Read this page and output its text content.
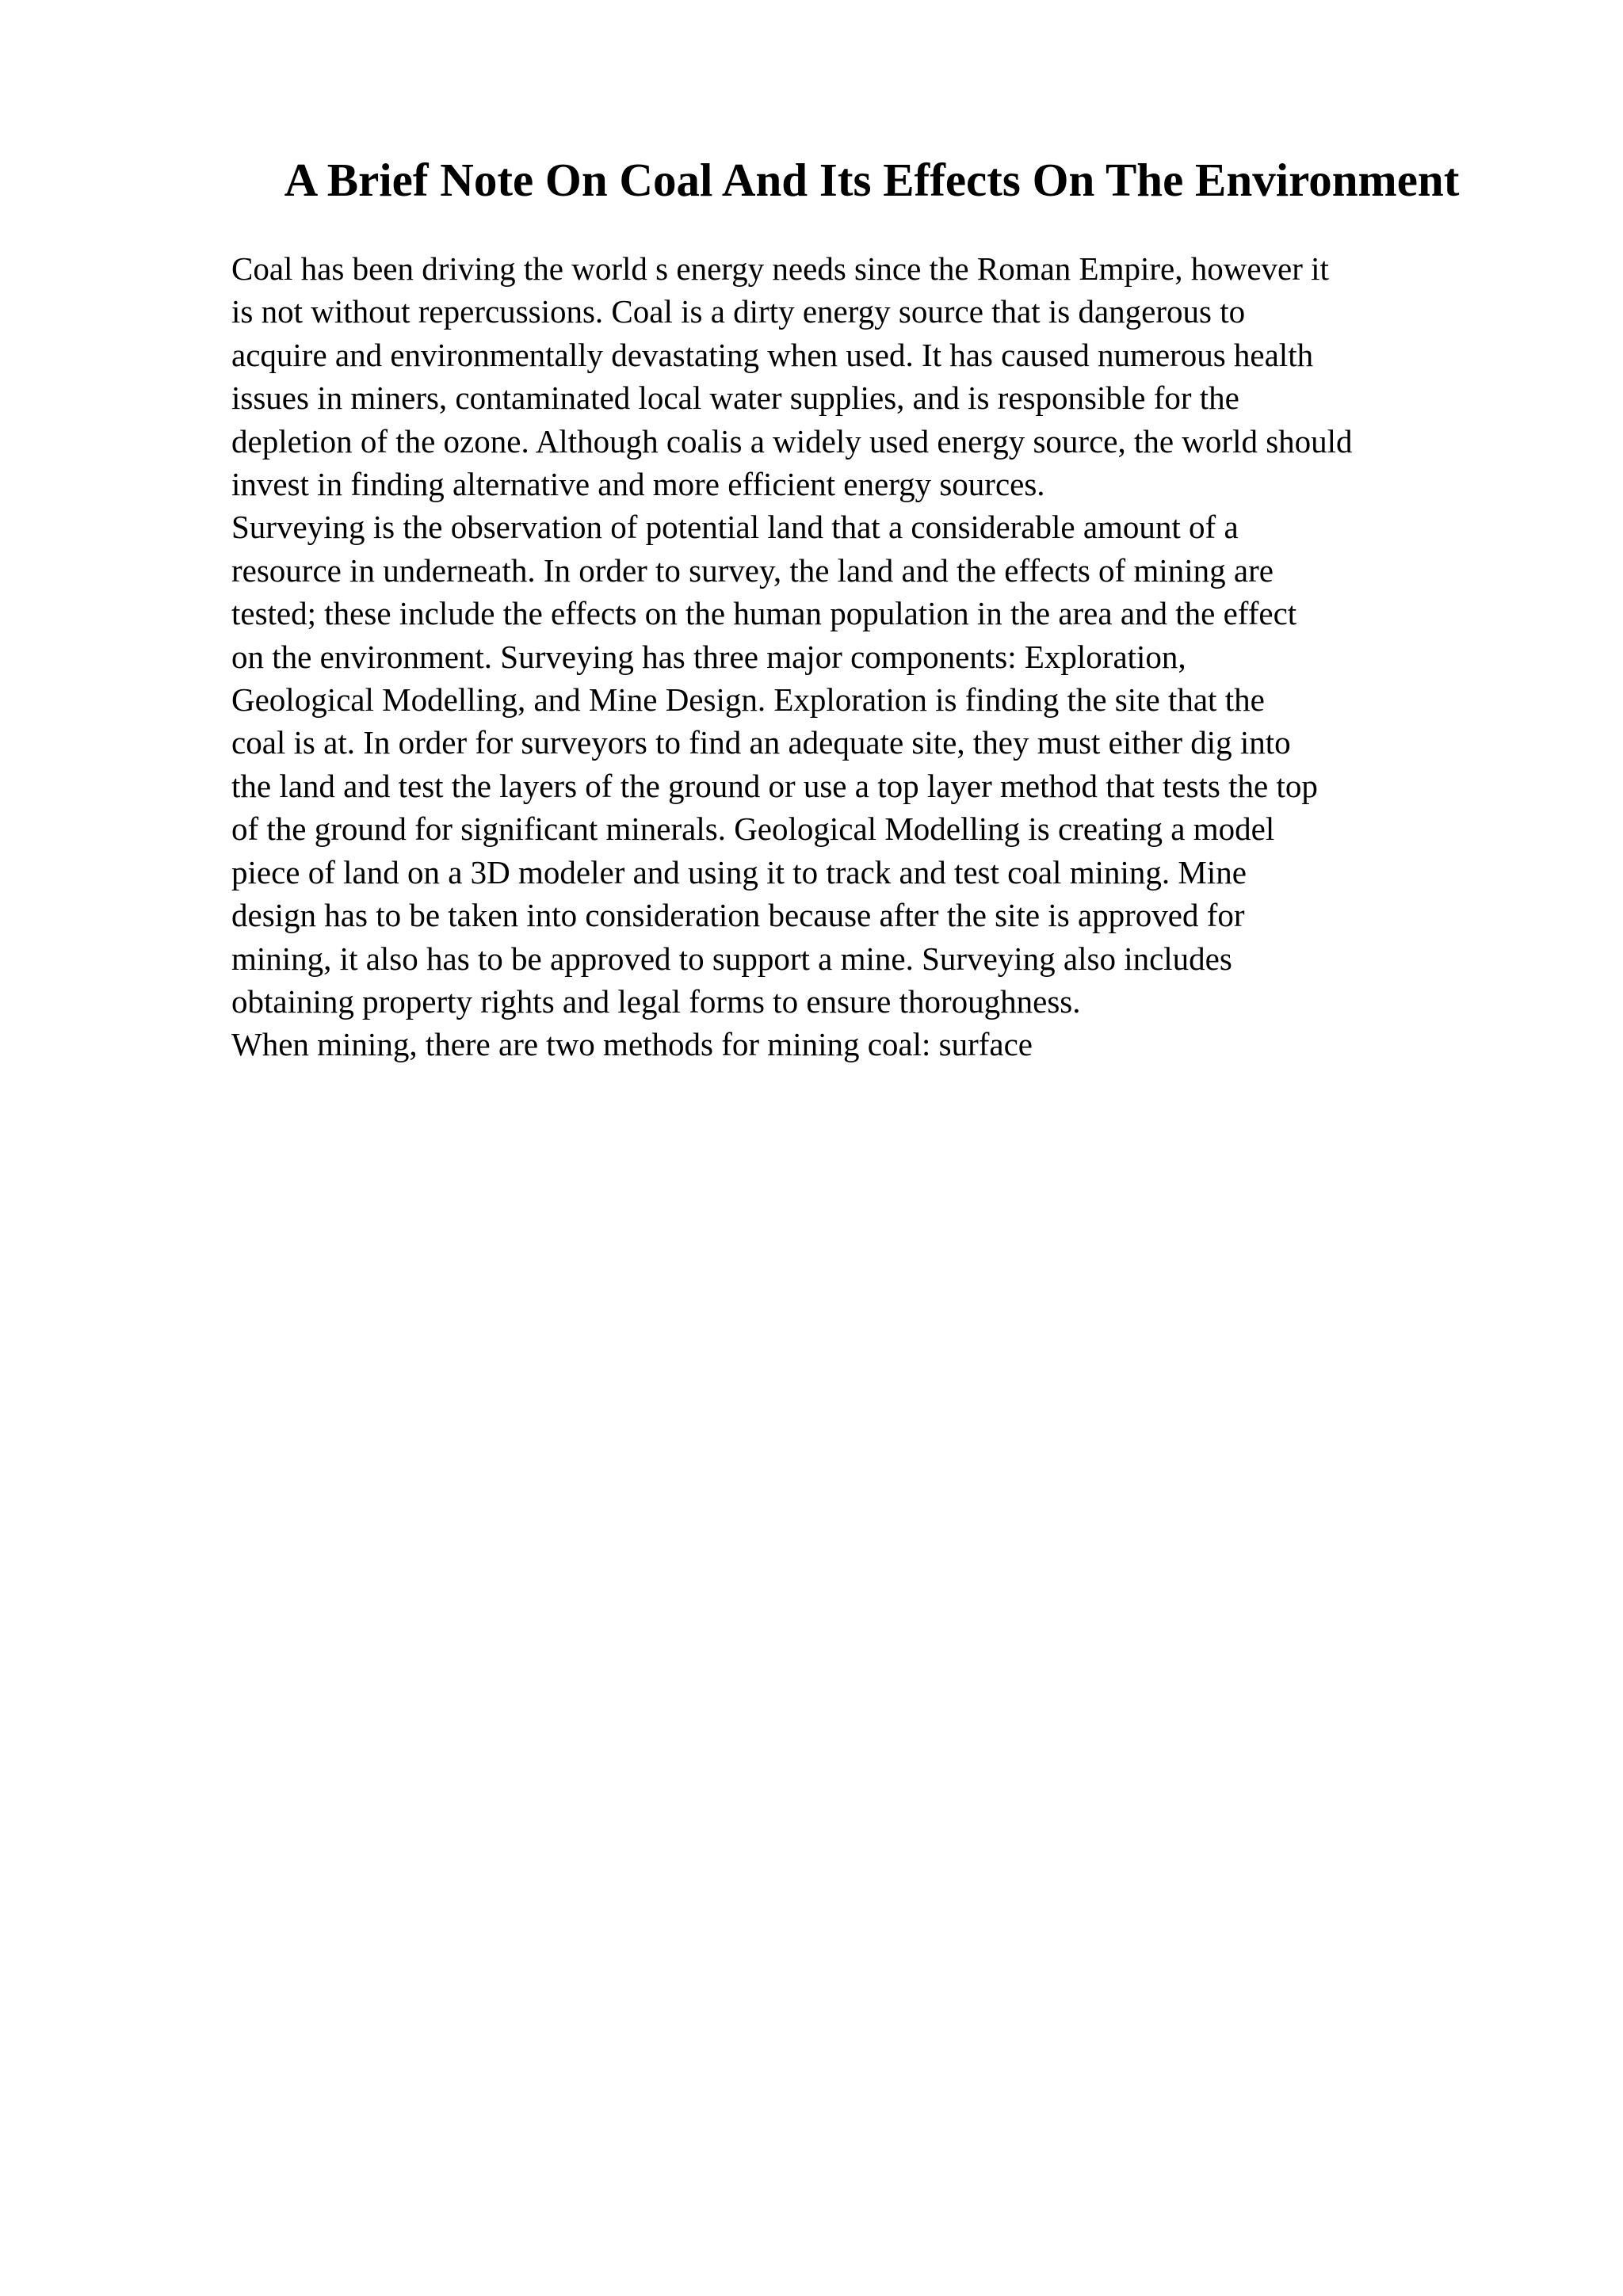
A Brief Note On Coal And Its Effects On The Environment
Coal has been driving the world s energy needs since the Roman Empire, however it
is not without repercussions. Coal is a dirty energy source that is dangerous to
acquire and environmentally devastating when used. It has caused numerous health
issues in miners, contaminated local water supplies, and is responsible for the
depletion of the ozone. Although coalis a widely used energy source, the world should
invest in finding alternative and more efficient energy sources.
Surveying is the observation of potential land that a considerable amount of a
resource in underneath. In order to survey, the land and the effects of mining are
tested; these include the effects on the human population in the area and the effect
on the environment. Surveying has three major components: Exploration,
Geological Modelling, and Mine Design. Exploration is finding the site that the
coal is at. In order for surveyors to find an adequate site, they must either dig into
the land and test the layers of the ground or use a top layer method that tests the top
of the ground for significant minerals. Geological Modelling is creating a model
piece of land on a 3D modeler and using it to track and test coal mining. Mine
design has to be taken into consideration because after the site is approved for
mining, it also has to be approved to support a mine. Surveying also includes
obtaining property rights and legal forms to ensure thoroughness.
When mining, there are two methods for mining coal: surface
